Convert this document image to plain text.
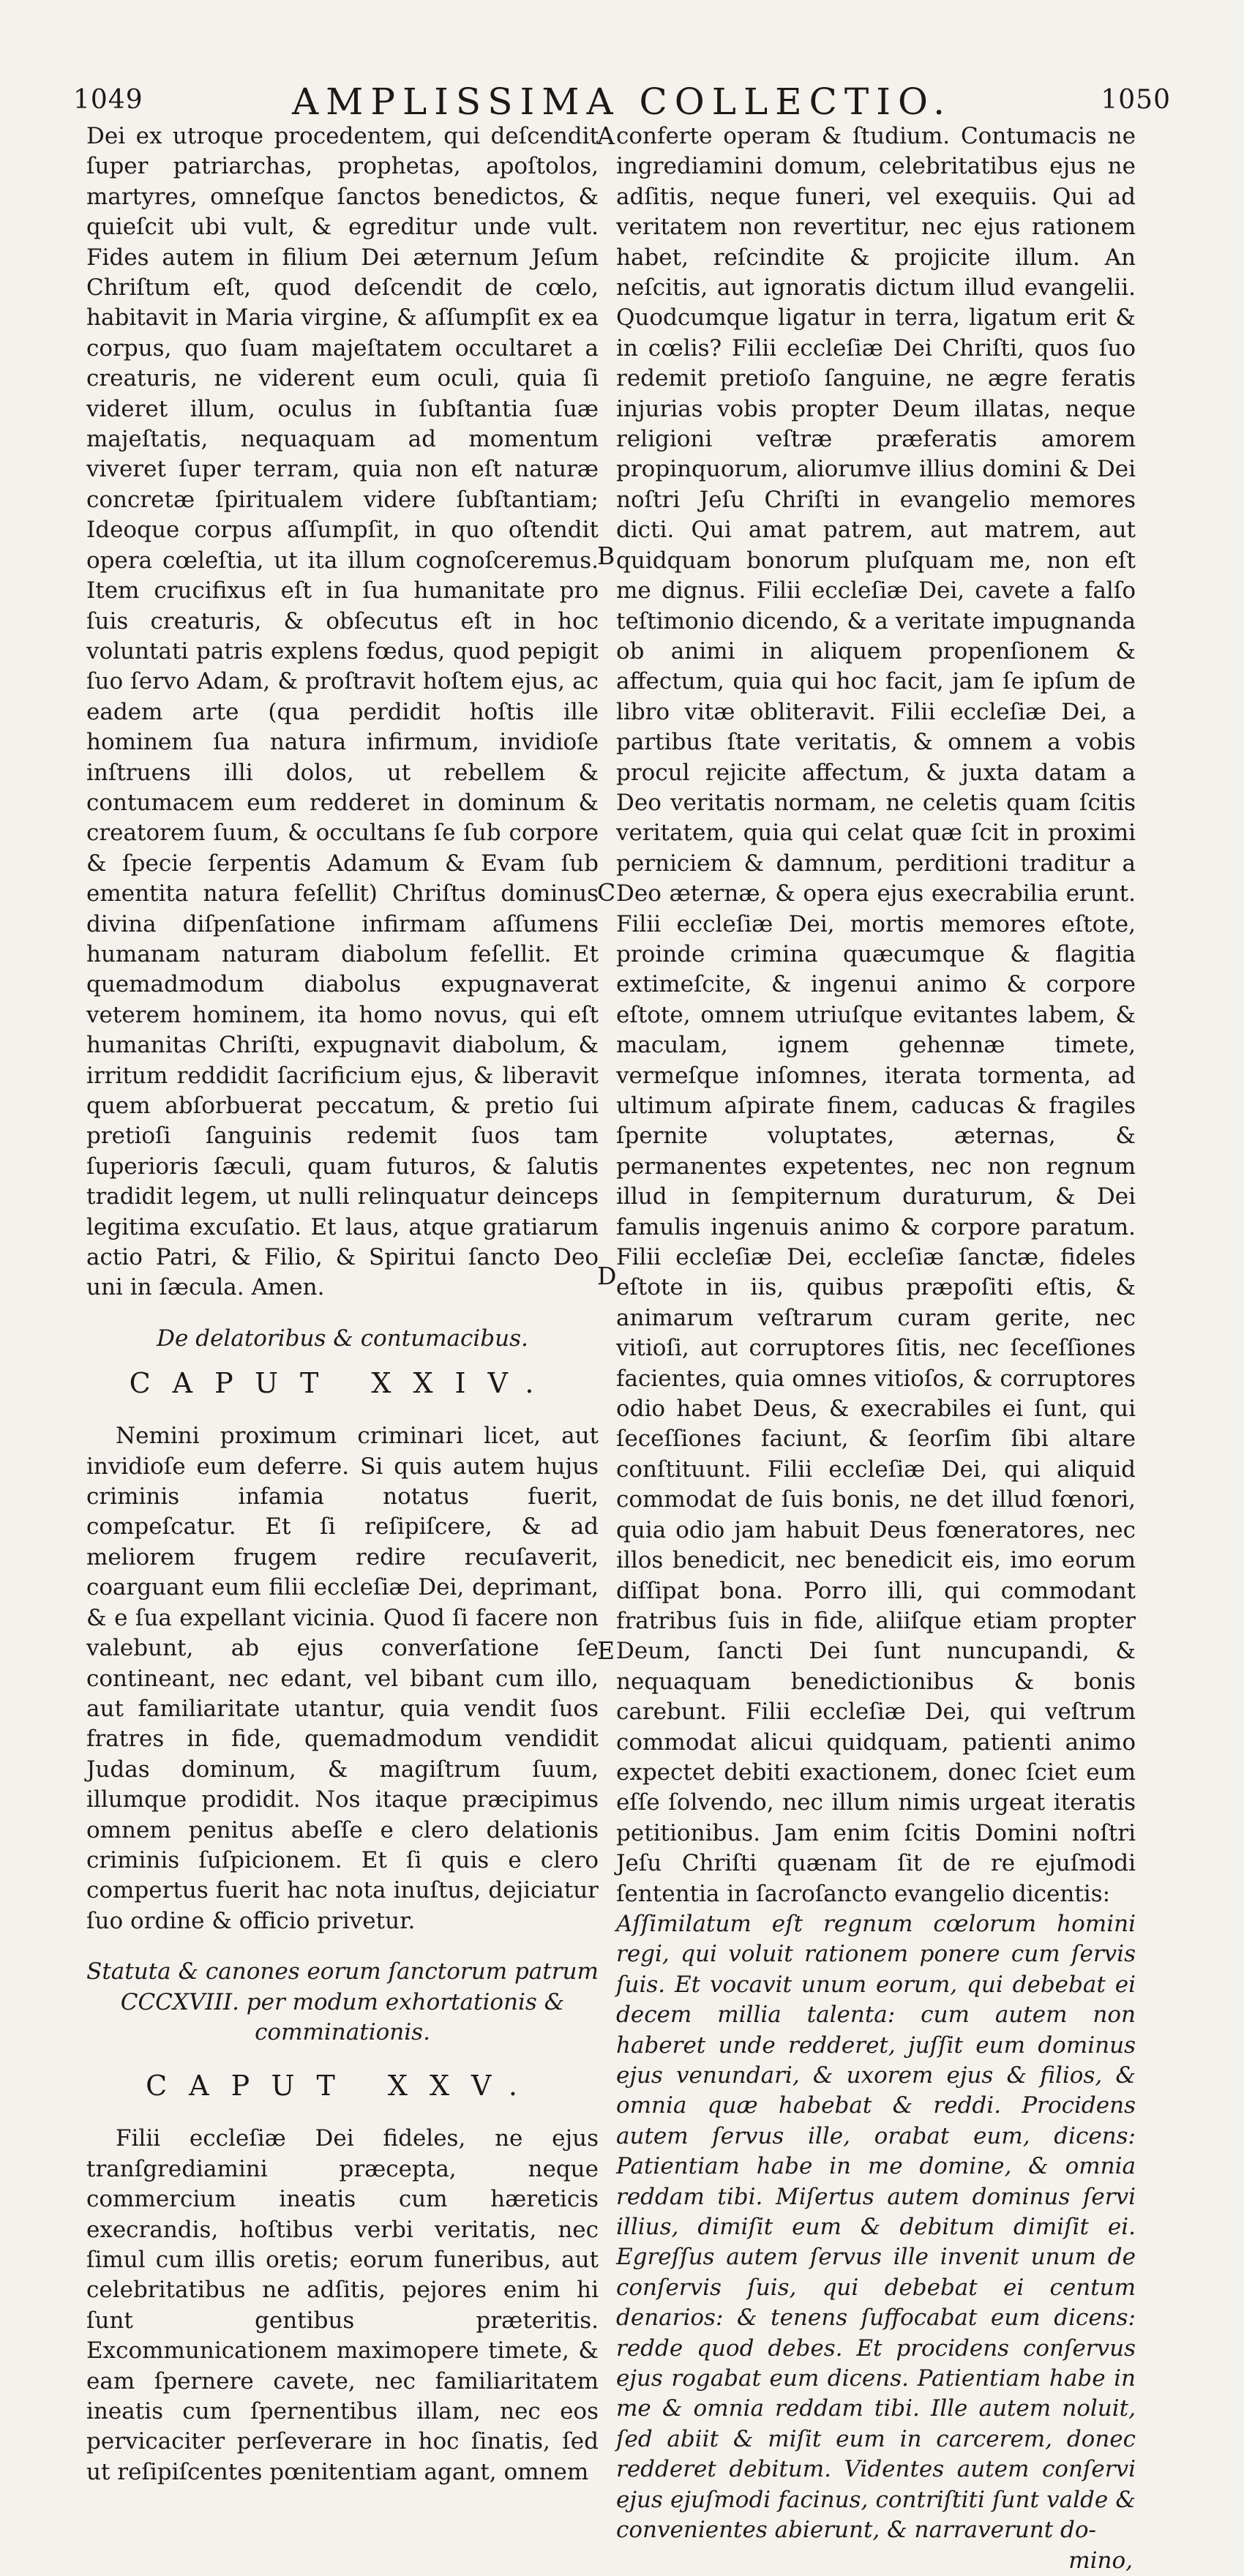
1049	AMPLISSIMA COLLECTIO.	1050
A
B
C
D
E

Dei ex utroque procedentem, qui deſcendit ſuper patriarchas, prophetas, apoſtolos, martyres, omneſque ſanctos benedictos, & quieſcit ubi vult, & egreditur unde vult. Fides autem in filium Dei æternum Jeſum Chriſtum eſt, quod deſcendit de cœlo, habitavit in Maria virgine, & aſſumpſit ex ea corpus, quo ſuam majeſtatem occultaret a creaturis, ne viderent eum oculi, quia ſi videret illum, oculus in ſubſtantia ſuæ majeſtatis, nequaquam ad momentum viveret ſuper terram, quia non eſt naturæ concretæ ſpiritualem videre ſubſtantiam; Ideoque corpus aſſumpſit, in quo oſtendit opera cœleſtia, ut ita illum cognoſceremus. Item crucifixus eſt in ſua humanitate pro ſuis creaturis, & obſecutus eſt in hoc voluntati patris explens fœdus, quod pepigit ſuo ſervo Adam, & proſtravit hoſtem ejus, ac eadem arte (qua perdidit hoſtis ille hominem ſua natura infirmum, invidioſe inſtruens illi dolos, ut rebellem & contumacem eum redderet in dominum & creatorem ſuum, & occultans ſe ſub corpore & ſpecie ſerpentis Adamum & Evam ſub ementita natura feſellit) Chriſtus dominus divina diſpenſatione infirmam aſſumens humanam naturam diabolum feſellit. Et quemadmodum diabolus expugnaverat veterem hominem, ita homo novus, qui eſt humanitas Chriſti, expugnavit diabolum, & irritum reddidit ſacrificium ejus, & liberavit quem abſorbuerat peccatum, & pretio ſui pretioſi ſanguinis redemit ſuos tam ſuperioris ſæculi, quam futuros, & ſalutis tradidit legem, ut nulli relinquatur deinceps legitima excuſatio. Et laus, atque gratiarum actio Patri, & Filio, & Spiritui ſancto Deo uni in ſæcula. Amen.

De delatoribus & contumacibus.
CAPUT XXIV.

Nemini proximum criminari licet, aut invidioſe eum deferre. Si quis autem hujus criminis infamia notatus fuerit, compeſcatur. Et ſi reſipiſcere, & ad meliorem frugem redire recuſaverit, coarguant eum filii eccleſiæ Dei, deprimant, & e ſua expellant vicinia. Quod ſi facere non valebunt, ab ejus converſatione ſe contineant, nec edant, vel bibant cum illo, aut familiaritate utantur, quia vendit ſuos fratres in fide, quemadmodum vendidit Judas dominum, & magiſtrum ſuum, illumque prodidit. Nos itaque præcipimus omnem penitus abeſſe e clero delationis criminis ſuſpicionem. Et ſi quis e clero compertus fuerit hac nota inuſtus, dejiciatur ſuo ordine & officio privetur.

Statuta & canones eorum ſanctorum patrum CCCXVIII. per modum exhortationis & comminationis.
CAPUT XXV.

Filii eccleſiæ Dei fideles, ne ejus tranſgrediamini præcepta, neque commercium ineatis cum hæreticis execrandis, hoſtibus verbi veritatis, nec ſimul cum illis oretis; eorum funeribus, aut celebritatibus ne adſitis, pejores enim hi ſunt gentibus præteritis. Excommunicationem maximopere timete, & eam ſpernere cavete, nec familiaritatem ineatis cum ſpernentibus illam, nec eos pervicaciter perſeverare in hoc ſinatis, ſed ut reſipiſcentes pœnitentiam agant, omnem

conferte operam & ſtudium. Contumacis ne ingrediamini domum, celebritatibus ejus ne adſitis, neque funeri, vel exequiis. Qui ad veritatem non revertitur, nec ejus rationem habet, reſcindite & projicite illum. An neſcitis, aut ignoratis dictum illud evangelii. Quodcumque ligatur in terra, ligatum erit & in cœlis? Filii eccleſiæ Dei Chriſti, quos ſuo redemit pretioſo ſanguine, ne ægre feratis injurias vobis propter Deum illatas, neque religioni veſtræ præferatis amorem propinquorum, aliorumve illius domini & Dei noſtri Jeſu Chriſti in evangelio memores dicti. Qui amat patrem, aut matrem, aut quidquam bonorum pluſquam me, non eſt me dignus. Filii eccleſiæ Dei, cavete a falſo teſtimonio dicendo, & a veritate impugnanda ob animi in aliquem propenſionem & affectum, quia qui hoc facit, jam ſe ipſum de libro vitæ obliteravit. Filii eccleſiæ Dei, a partibus ſtate veritatis, & omnem a vobis procul rejicite affectum, & juxta datam a Deo veritatis normam, ne celetis quam ſcitis veritatem, quia qui celat quæ ſcit in proximi perniciem & damnum, perditioni traditur a Deo æternæ, & opera ejus execrabilia erunt. Filii eccleſiæ Dei, mortis memores eſtote, proinde crimina quæcumque & flagitia extimeſcite, & ingenui animo & corpore eſtote, omnem utriuſque evitantes labem, & maculam, ignem gehennæ timete, vermeſque inſomnes, iterata tormenta, ad ultimum aſpirate finem, caducas & fragiles ſpernite voluptates, æternas, & permanentes expetentes, nec non regnum illud in ſempiternum duraturum, & Dei famulis ingenuis animo & corpore paratum. Filii eccleſiæ Dei, eccleſiæ ſanctæ, fideles eſtote in iis, quibus præpoſiti eſtis, & animarum veſtrarum curam gerite, nec vitioſi, aut corruptores ſitis, nec ſeceſſiones facientes, quia omnes vitioſos, & corruptores odio habet Deus, & execrabiles ei ſunt, qui ſeceſſiones faciunt, & ſeorſim ſibi altare conſtituunt. Filii eccleſiæ Dei, qui aliquid commodat de ſuis bonis, ne det illud fœnori, quia odio jam habuit Deus fœneratores, nec illos benedicit, nec benedicit eis, imo eorum diſſipat bona. Porro illi, qui commodant fratribus ſuis in fide, aliiſque etiam propter Deum, ſancti Dei ſunt nuncupandi, & nequaquam benedictionibus & bonis carebunt. Filii eccleſiæ Dei, qui veſtrum commodat alicui quidquam, patienti animo expectet debiti exactionem, donec ſciet eum eſſe ſolvendo, nec illum nimis urgeat iteratis petitionibus. Jam enim ſcitis Domini noſtri Jeſu Chriſti quænam ſit de re ejuſmodi ſententia in ſacroſancto evangelio dicentis:

Aſſimilatum eſt regnum cœlorum homini regi, qui voluit rationem ponere cum ſervis ſuis. Et vocavit unum eorum, qui debebat ei decem millia talenta: cum autem non haberet unde redderet, juſſit eum dominus ejus venundari, & uxorem ejus & filios, & omnia quæ habebat & reddi. Procidens autem ſervus ille, orabat eum, dicens: Patientiam habe in me domine, & omnia reddam tibi. Miſertus autem dominus ſervi illius, dimiſit eum & debitum dimiſit ei. Egreſſus autem ſervus ille invenit unum de conſervis ſuis, qui debebat ei centum denarios: & tenens ſuffocabat eum dicens: redde quod debes. Et procidens conſervus ejus rogabat eum dicens. Patientiam habe in me & omnia reddam tibi. Ille autem noluit, ſed abiit & miſit eum in carcerem, donec redderet debitum. Videntes autem conſervi ejus ejuſmodi facinus, contriſtiti ſunt valde & convenientes abierunt, & narraverunt do-

mino,
